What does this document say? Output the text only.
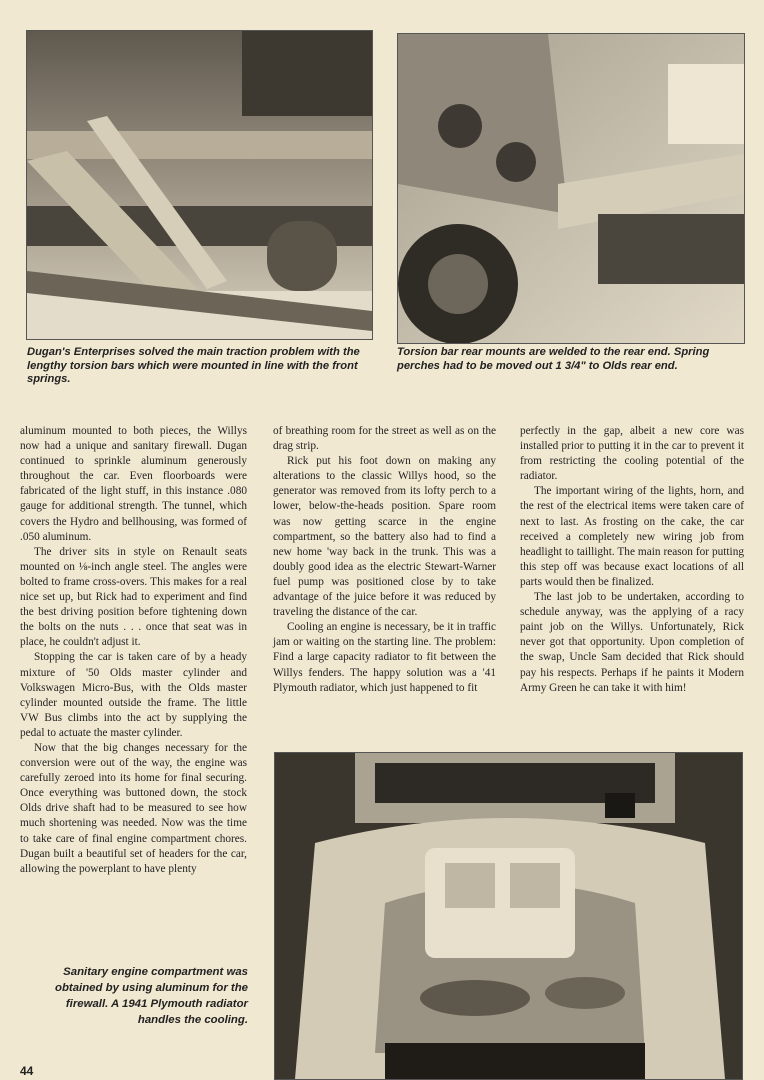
Dugan's Enterprises solved the main traction problem with the lengthy torsion bars which were mounted in line with the front springs.

Torsion bar rear mounts are welded to the rear end. Spring perches had to be moved out 1 3/4" to Olds rear end.

aluminum mounted to both pieces, the Willys now had a unique and sanitary firewall. Dugan continued to sprinkle aluminum generously throughout the car. Even floorboards were fabricated of the light stuff, in this instance .080 gauge for additional strength. The tunnel, which covers the Hydro and bellhousing, was formed of .050 aluminum.

The driver sits in style on Renault seats mounted on ⅛-inch angle steel. The angles were bolted to frame cross-overs. This makes for a real nice set up, but Rick had to experiment and find the best driving position before tightening down the bolts on the nuts . . . once that seat was in place, he couldn't adjust it.

Stopping the car is taken care of by a heady mixture of '50 Olds master cylinder and Volkswagen Micro-Bus, with the Olds master cylinder mounted outside the frame. The little VW Bus climbs into the act by supplying the pedal to actuate the master cylinder.

Now that the big changes necessary for the conversion were out of the way, the engine was carefully zeroed into its home for final securing. Once everything was buttoned down, the stock Olds drive shaft had to be measured to see how much shortening was needed. Now was the time to take care of final engine compartment chores. Dugan built a beautiful set of headers for the car, allowing the powerplant to have plenty

of breathing room for the street as well as on the drag strip.

Rick put his foot down on making any alterations to the classic Willys hood, so the generator was removed from its lofty perch to a lower, below-the-heads position. Spare room was now getting scarce in the engine compartment, so the battery also had to find a new home 'way back in the trunk. This was a doubly good idea as the electric Stewart-Warner fuel pump was positioned close by to take advantage of the juice before it was reduced by traveling the distance of the car.

Cooling an engine is necessary, be it in traffic jam or waiting on the starting line. The problem: Find a large capacity radiator to fit between the Willys fenders. The happy solution was a '41 Plymouth radiator, which just happened to fit

perfectly in the gap, albeit a new core was installed prior to putting it in the car to prevent it from restricting the cooling potential of the radiator.

The important wiring of the lights, horn, and the rest of the electrical items were taken care of next to last. As frosting on the cake, the car received a completely new wiring job from headlight to taillight. The main reason for putting this step off was because exact locations of all parts would then be finalized.

The last job to be undertaken, according to schedule anyway, was the applying of a racy paint job on the Willys. Unfortunately, Rick never got that opportunity. Upon completion of the swap, Uncle Sam decided that Rick should pay his respects. Perhaps if he paints it Modern Army Green he can take it with him!

Sanitary engine compartment was obtained by using aluminum for the firewall. A 1941 Plymouth radiator handles the cooling.

44
